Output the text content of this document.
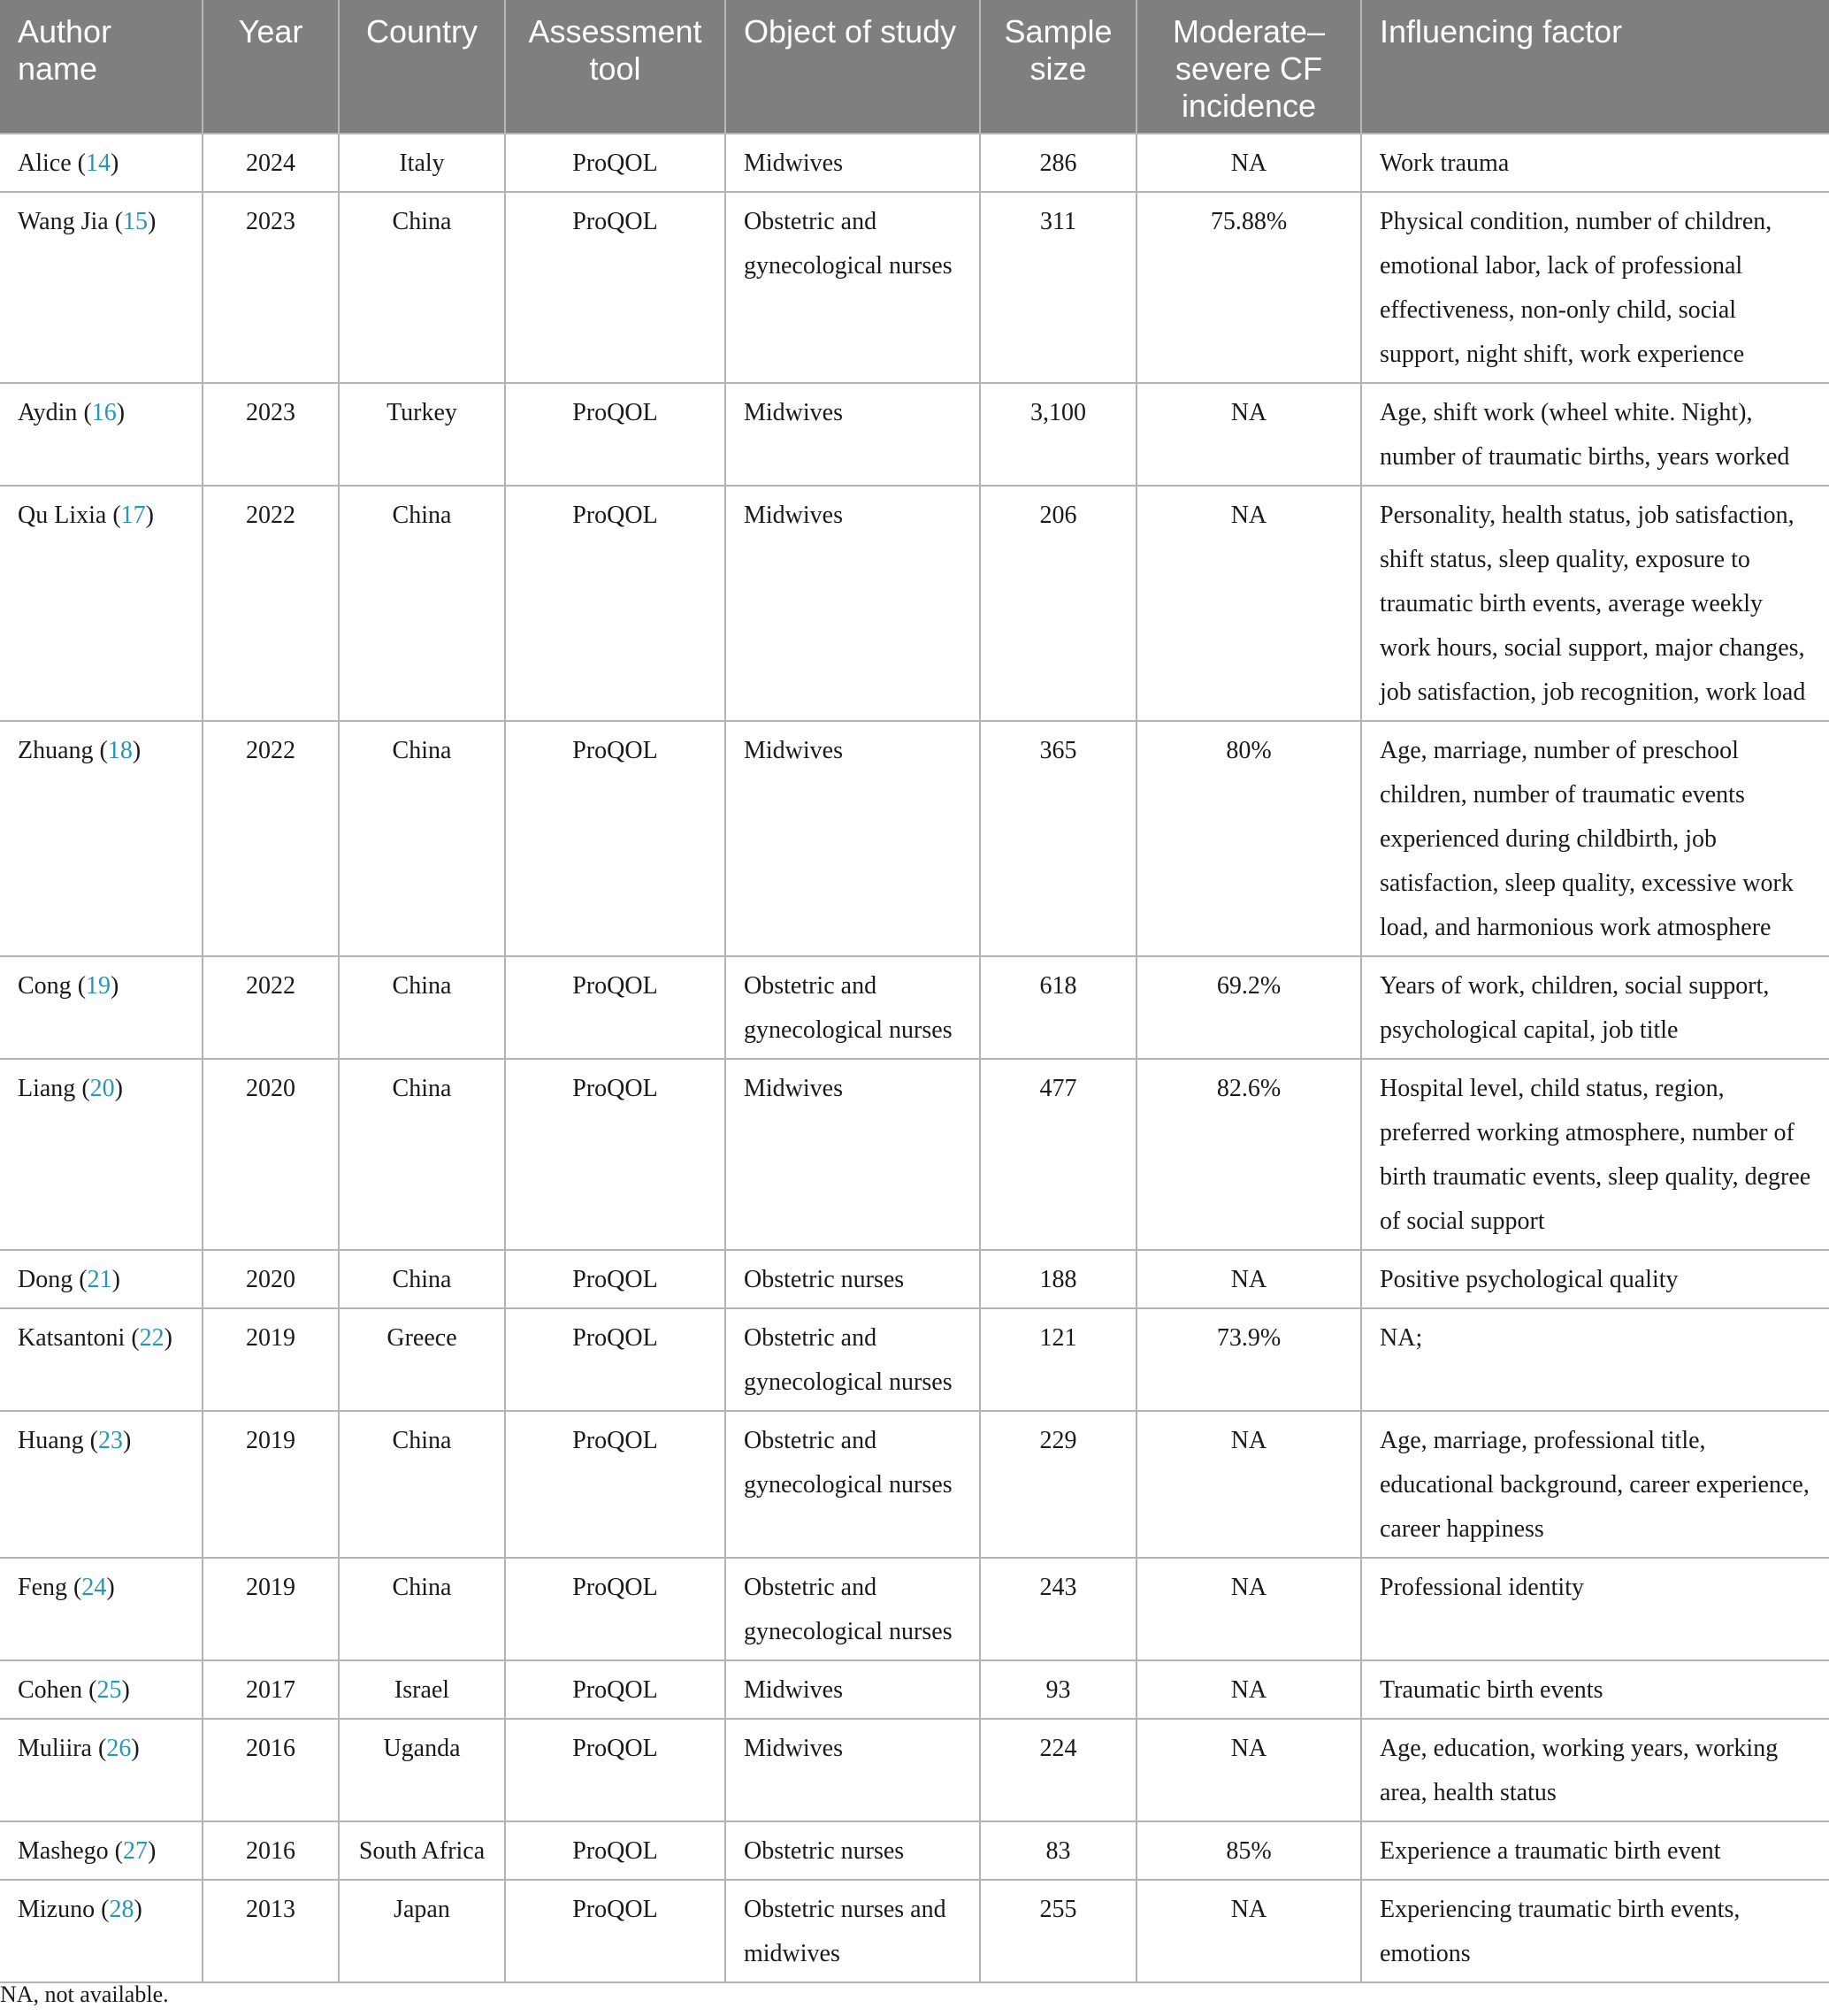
Author name	Year	Country	Assessment tool	Object of study	Sample size	Moderate–severe CF incidence	Influencing factor
Alice (14)	2024	Italy	ProQOL	Midwives	286	NA	Work trauma
Wang Jia (15)	2023	China	ProQOL	Obstetric and gynecological nurses	311	75.88%	Physical condition, number of children, emotional labor, lack of professional effectiveness, non-only child, social support, night shift, work experience
Aydin (16)	2023	Turkey	ProQOL	Midwives	3,100	NA	Age, shift work (wheel white. Night), number of traumatic births, years worked
Qu Lixia (17)	2022	China	ProQOL	Midwives	206	NA	Personality, health status, job satisfaction, shift status, sleep quality, exposure to traumatic birth events, average weekly work hours, social support, major changes, job satisfaction, job recognition, work load
Zhuang (18)	2022	China	ProQOL	Midwives	365	80%	Age, marriage, number of preschool children, number of traumatic events experienced during childbirth, job satisfaction, sleep quality, excessive work load, and harmonious work atmosphere
Cong (19)	2022	China	ProQOL	Obstetric and gynecological nurses	618	69.2%	Years of work, children, social support, psychological capital, job title
Liang (20)	2020	China	ProQOL	Midwives	477	82.6%	Hospital level, child status, region, preferred working atmosphere, number of birth traumatic events, sleep quality, degree of social support
Dong (21)	2020	China	ProQOL	Obstetric nurses	188	NA	Positive psychological quality
Katsantoni (22)	2019	Greece	ProQOL	Obstetric and gynecological nurses	121	73.9%	NA;
Huang (23)	2019	China	ProQOL	Obstetric and gynecological nurses	229	NA	Age, marriage, professional title, educational background, career experience, career happiness
Feng (24)	2019	China	ProQOL	Obstetric and gynecological nurses	243	NA	Professional identity
Cohen (25)	2017	Israel	ProQOL	Midwives	93	NA	Traumatic birth events
Muliira (26)	2016	Uganda	ProQOL	Midwives	224	NA	Age, education, working years, working area, health status
Mashego (27)	2016	South Africa	ProQOL	Obstetric nurses	83	85%	Experience a traumatic birth event
Mizuno (28)	2013	Japan	ProQOL	Obstetric nurses and midwives	255	NA	Experiencing traumatic birth events, emotions
NA, not available.
